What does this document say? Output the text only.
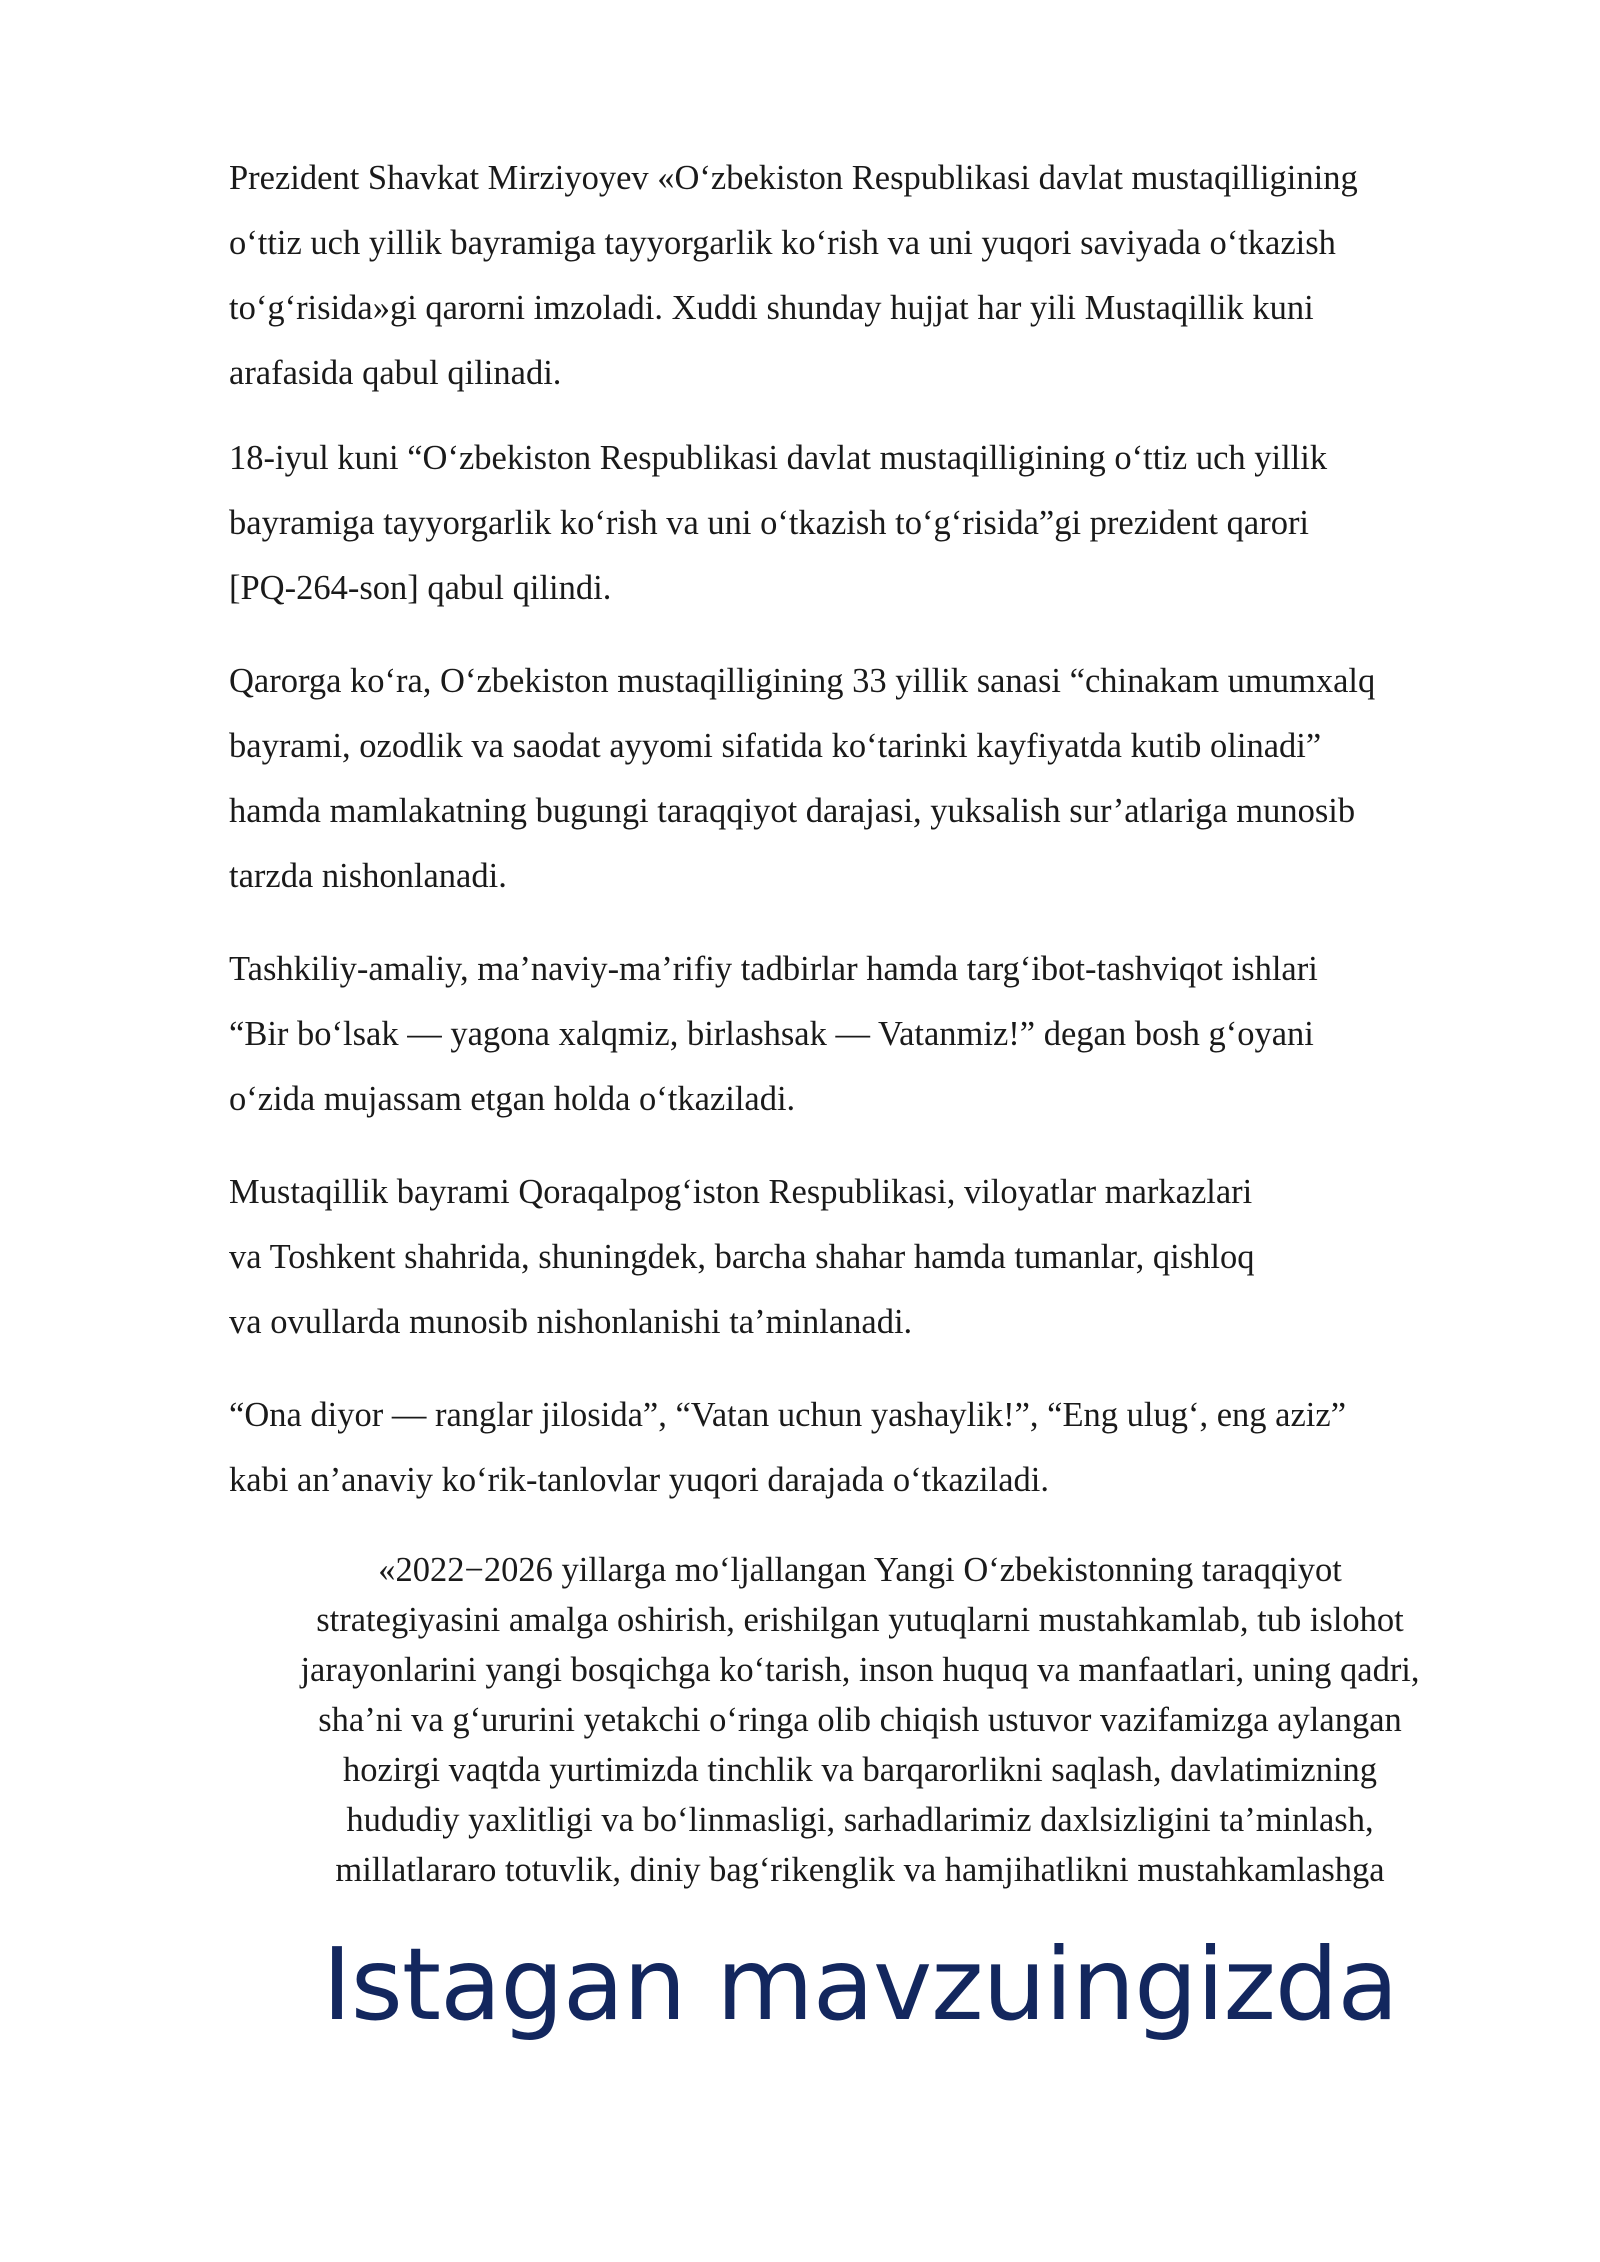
Prezident Shavkat Mirziyoyev «O‘zbekiston Respublikasi davlat mustaqilligining
o‘ttiz uch yillik bayramiga tayyorgarlik ko‘rish va uni yuqori saviyada o‘tkazish
to‘g‘risida»gi qarorni imzoladi. Xuddi shunday hujjat har yili Mustaqillik kuni
arafasida qabul qilinadi.

18-iyul kuni “O‘zbekiston Respublikasi davlat mustaqilligining o‘ttiz uch yillik
bayramiga tayyorgarlik ko‘rish va uni o‘tkazish to‘g‘risida”gi prezident qarori
[PQ-264-son] qabul qilindi.

Qarorga ko‘ra, O‘zbekiston mustaqilligining 33 yillik sanasi “chinakam umumxalq
bayrami, ozodlik va saodat ayyomi sifatida ko‘tarinki kayfiyatda kutib olinadi”
hamda mamlakatning bugungi taraqqiyot darajasi, yuksalish sur’atlariga munosib
tarzda nishonlanadi.

Tashkiliy-amaliy, ma’naviy-ma’rifiy tadbirlar hamda targ‘ibot-tashviqot ishlari
“Bir bo‘lsak — yagona xalqmiz, birlashsak — Vatanmiz!” degan bosh g‘oyani
o‘zida mujassam etgan holda o‘tkaziladi.

Mustaqillik bayrami Qoraqalpog‘iston Respublikasi, viloyatlar markazlari
va Toshkent shahrida, shuningdek, barcha shahar hamda tumanlar, qishloq
va ovullarda munosib nishonlanishi ta’minlanadi.

“Ona diyor — ranglar jilosida”, “Vatan uchun yashaylik!”, “Eng ulug‘, eng aziz”
kabi an’anaviy ko‘rik-tanlovlar yuqori darajada o‘tkaziladi.

«2022−2026 yillarga mo‘ljallangan Yangi O‘zbekistonning taraqqiyot
strategiyasini amalga oshirish, erishilgan yutuqlarni mustahkamlab, tub islohot
jarayonlarini yangi bosqichga ko‘tarish, inson huquq va manfaatlari, uning qadri,
sha’ni va g‘ururini yetakchi o‘ringa olib chiqish ustuvor vazifamizga aylangan
hozirgi vaqtda yurtimizda tinchlik va barqarorlikni saqlash, davlatimizning
hududiy yaxlitligi va bo‘linmasligi, sarhadlarimiz daxlsizligini ta’minlash,
millatlararo totuvlik, diniy bag‘rikenglik va hamjihatlikni mustahkamlashga
Istagan mavzuingizda
